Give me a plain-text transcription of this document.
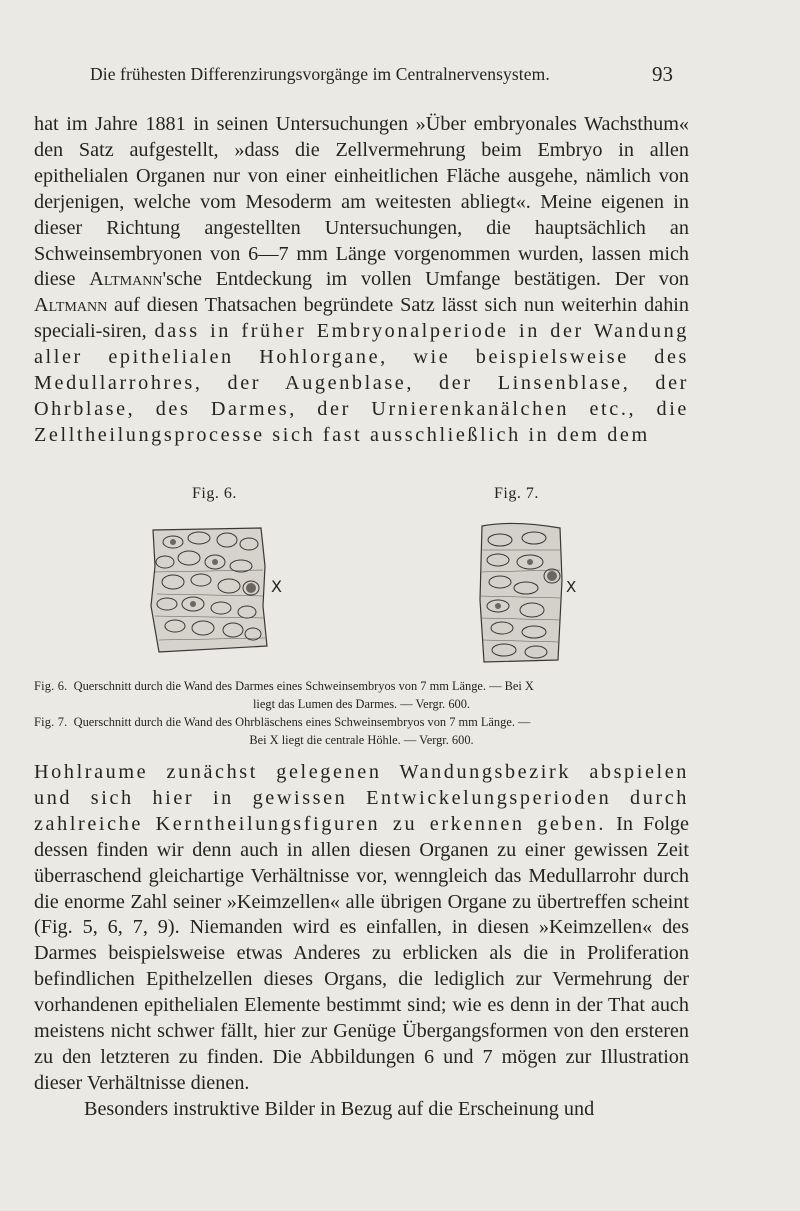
Die frühesten Differenzirungsvorgänge im Centralnervensystem.	93

hat im Jahre 1881 in seinen Untersuchungen »Über embryonales Wachsthum« den Satz aufgestellt, »dass die Zellvermehrung beim Embryo in allen epithelialen Organen nur von einer einheitlichen Fläche ausgehe, nämlich von derjenigen, welche vom Mesoderm am weitesten abliegt«. Meine eigenen in dieser Richtung angestellten Untersuchungen, die hauptsächlich an Schweinsembryonen von 6—7 mm Länge vorgenommen wurden, lassen mich diese Altmann'sche Entdeckung im vollen Umfange bestätigen. Der von Altmann auf diesen Thatsachen begründete Satz lässt sich nun weiterhin dahin speciali-siren, dass in früher Embryonalperiode in der Wandung aller epithelialen Hohlorgane, wie beispielsweise des Medullarrohres, der Augenblase, der Linsenblase, der Ohrblase, des Darmes, der Urnierenkanälchen etc., die Zelltheilungsprocesse sich fast ausschließlich in dem dem

Fig. 6.	Fig. 7.
X	X

Fig. 6. Querschnitt durch die Wand des Darmes eines Schweinsembryos von 7 mm Länge. — Bei X
liegt das Lumen des Darmes. — Vergr. 600.

Fig. 7. Querschnitt durch die Wand des Ohrbläschens eines Schweinsembryos von 7 mm Länge. —
Bei X liegt die centrale Höhle. — Vergr. 600.

Hohlraume zunächst gelegenen Wandungsbezirk abspielen und sich hier in gewissen Entwickelungsperioden durch zahlreiche Kerntheilungsfiguren zu erkennen geben. In Folge dessen finden wir denn auch in allen diesen Organen zu einer gewissen Zeit überraschend gleichartige Verhältnisse vor, wenngleich das Medullarrohr durch die enorme Zahl seiner »Keimzellen« alle übrigen Organe zu übertreffen scheint (Fig. 5, 6, 7, 9). Niemanden wird es einfallen, in diesen »Keimzellen« des Darmes beispielsweise etwas Anderes zu erblicken als die in Proliferation befindlichen Epithelzellen dieses Organs, die lediglich zur Vermehrung der vorhandenen epithelialen Elemente bestimmt sind; wie es denn in der That auch meistens nicht schwer fällt, hier zur Genüge Übergangsformen von den ersteren zu den letzteren zu finden. Die Abbildungen 6 und 7 mögen zur Illustration dieser Verhältnisse dienen.

Besonders instruktive Bilder in Bezug auf die Erscheinung und
